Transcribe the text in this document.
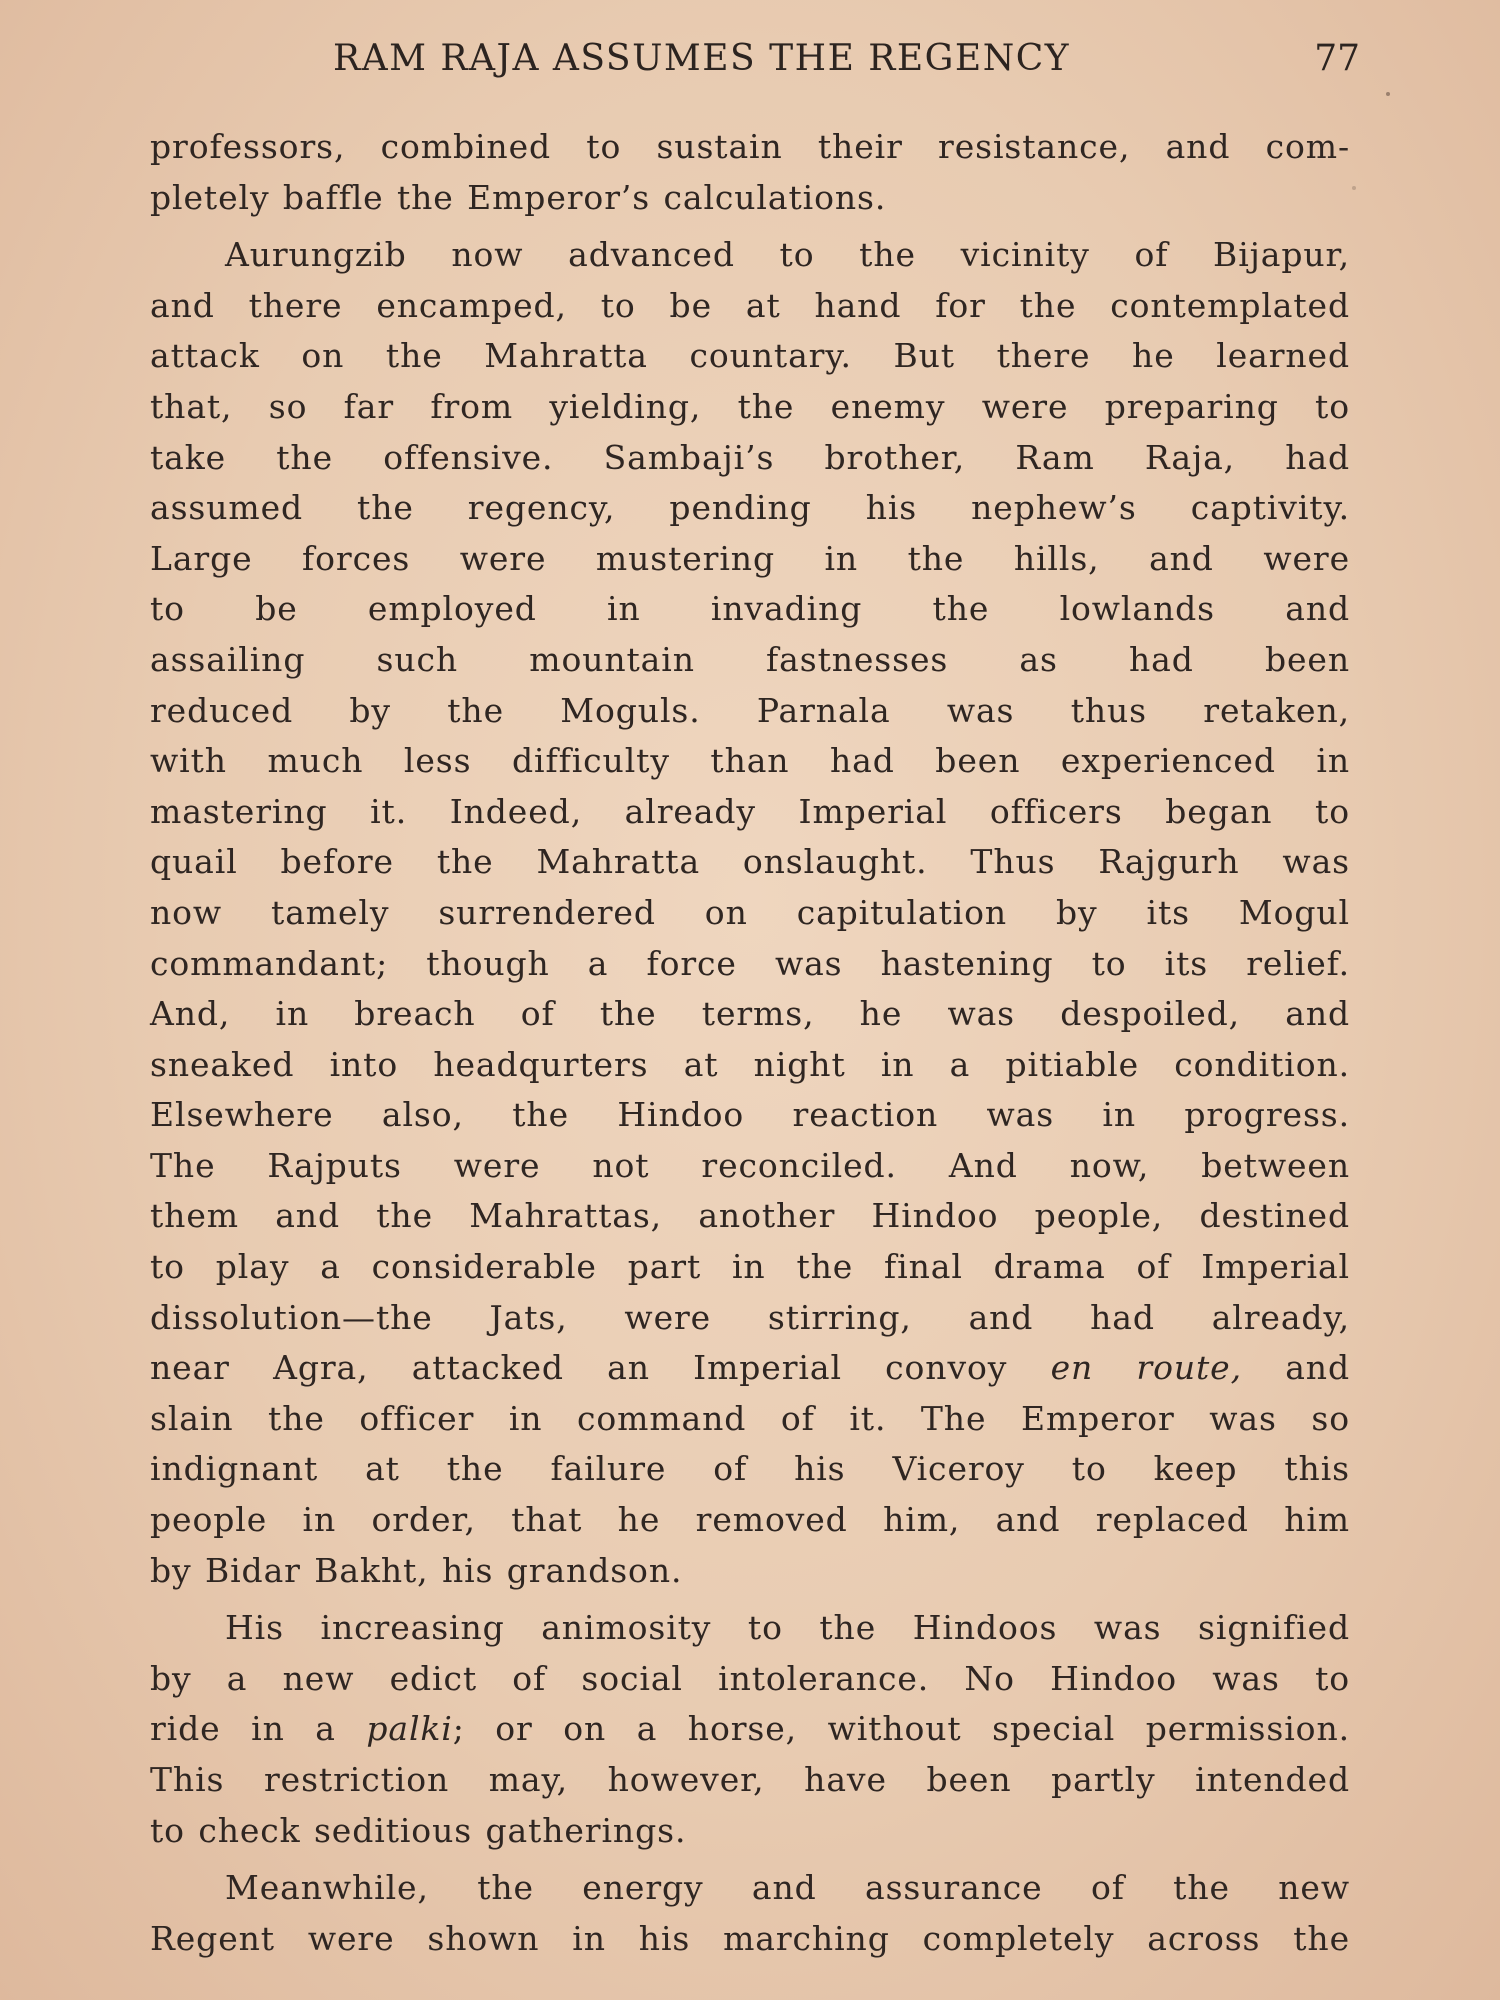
RAM RAJA ASSUMES THE REGENCY	77
professors, combined to sustain their resistance, and com-
pletely baffle the Emperor’s calculations.
Aurungzib now advanced to the vicinity of Bijapur,
and there encamped, to be at hand for the contemplated
attack on the Mahratta countary. But there he learned
that, so far from yielding, the enemy were preparing to
take the offensive. Sambaji’s brother, Ram Raja, had
assumed the regency, pending his nephew’s captivity.
Large forces were mustering in the hills, and were
to be employed in invading the lowlands and
assailing such mountain fastnesses as had been
reduced by the Moguls. Parnala was thus retaken,
with much less difficulty than had been experienced in
mastering it. Indeed, already Imperial officers began to
quail before the Mahratta onslaught. Thus Rajgurh was
now tamely surrendered on capitulation by its Mogul
commandant; though a force was hastening to its relief.
And, in breach of the terms, he was despoiled, and
sneaked into headqurters at night in a pitiable condition.
Elsewhere also, the Hindoo reaction was in progress.
The Rajputs were not reconciled. And now, between
them and the Mahrattas, another Hindoo people, destined
to play a considerable part in the final drama of Imperial
dissolution—the Jats, were stirring, and had already,
near Agra, attacked an Imperial convoy en route, and
slain the officer in command of it. The Emperor was so
indignant at the failure of his Viceroy to keep this
people in order, that he removed him, and replaced him
by Bidar Bakht, his grandson.
His increasing animosity to the Hindoos was signified
by a new edict of social intolerance. No Hindoo was to
ride in a palki; or on a horse, without special permission.
This restriction may, however, have been partly intended
to check seditious gatherings.
Meanwhile, the energy and assurance of the new
Regent were shown in his marching completely across the
